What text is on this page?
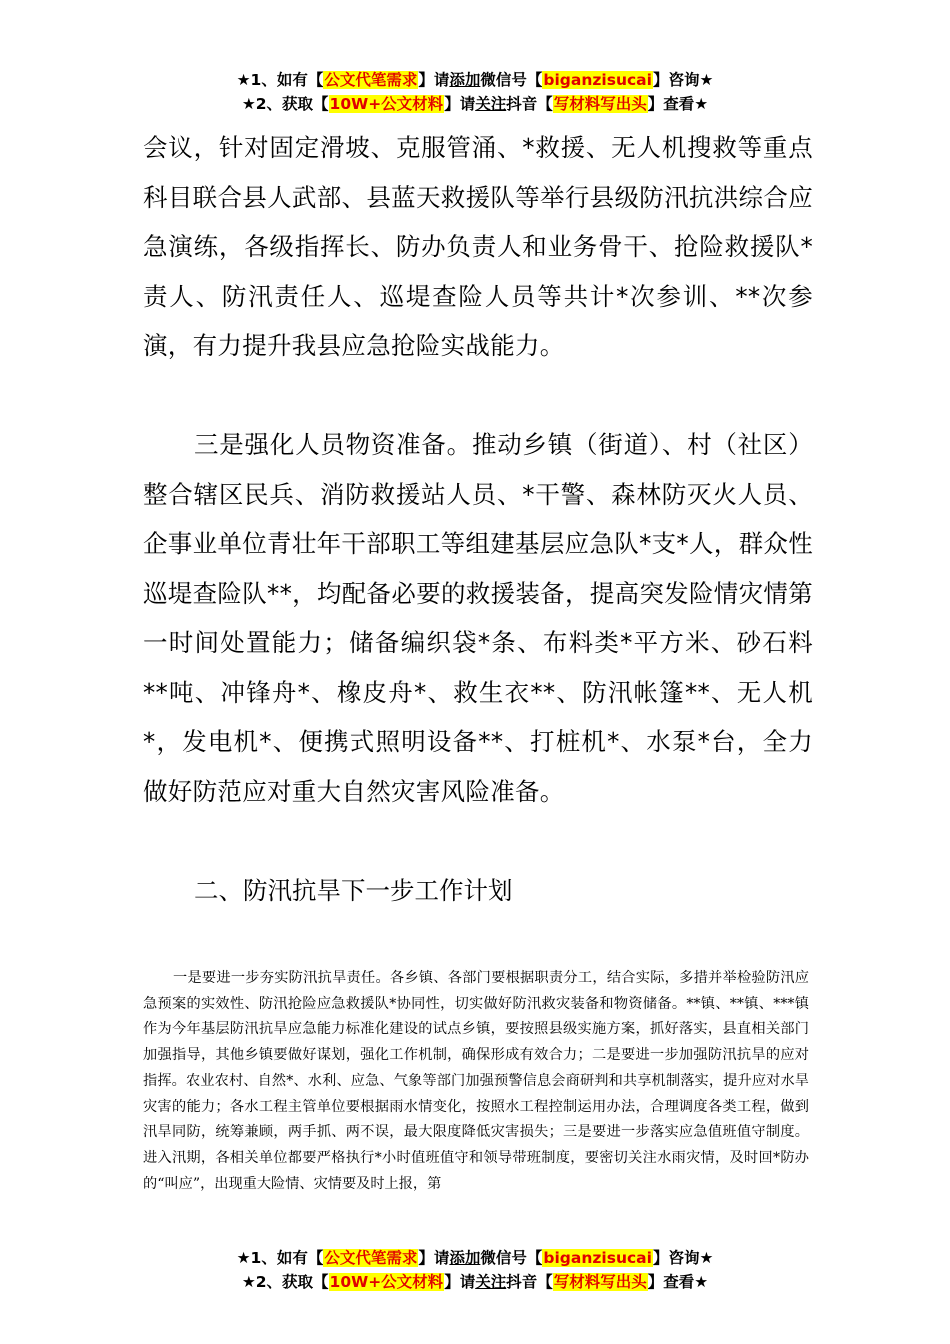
★1、如有【公文代笔需求】请添加微信号【biganzisucai】咨询★
★2、获取【10W+公文材料】请关注抖音【写材料写出头】查看★

会议，针对固定滑坡、克服管涌、*救援、无人机搜救等重点科目联合县人武部、县蓝天救援队等举行县级防汛抗洪综合应急演练，各级指挥长、防办负责人和业务骨干、抢险救援队*责人、防汛责任人、巡堤查险人员等共计*次参训、**次参演，有力提升我县应急抢险实战能力。

三是强化人员物资准备。推动乡镇（街道）、村（社区）整合辖区民兵、消防救援站人员、*干警、森林防灭火人员、企事业单位青壮年干部职工等组建基层应急队*支*人，群众性巡堤查险队**，均配备必要的救援装备，提高突发险情灾情第一时间处置能力；储备编织袋*条、布料类*平方米、砂石料**吨、冲锋舟*、橡皮舟*、救生衣**、防汛帐篷**、无人机*，发电机*、便携式照明设备**、打桩机*、水泵*台，全力做好防范应对重大自然灾害风险准备。

二、防汛抗旱下一步工作计划

一是要进一步夯实防汛抗旱责任。各乡镇、各部门要根据职责分工，结合实际，多措并举检验防汛应急预案的实效性、防汛抢险应急救援队*协同性，切实做好防汛救灾装备和物资储备。**镇、**镇、***镇作为今年基层防汛抗旱应急能力标准化建设的试点乡镇，要按照县级实施方案，抓好落实，县直相关部门加强指导，其他乡镇要做好谋划，强化工作机制，确保形成有效合力；二是要进一步加强防汛抗旱的应对指挥。农业农村、自然*、水利、应急、气象等部门加强预警信息会商研判和共享机制落实，提升应对水旱灾害的能力；各水工程主管单位要根据雨水情变化，按照水工程控制运用办法，合理调度各类工程，做到汛旱同防，统筹兼顾，两手抓、两不误，最大限度降低灾害损失；三是要进一步落实应急值班值守制度。进入汛期，各相关单位都要严格执行*小时值班值守和领导带班制度，要密切关注水雨灾情，及时回*防办的“叫应”，出现重大险情、灾情要及时上报，第

★1、如有【公文代笔需求】请添加微信号【biganzisucai】咨询★
★2、获取【10W+公文材料】请关注抖音【写材料写出头】查看★
